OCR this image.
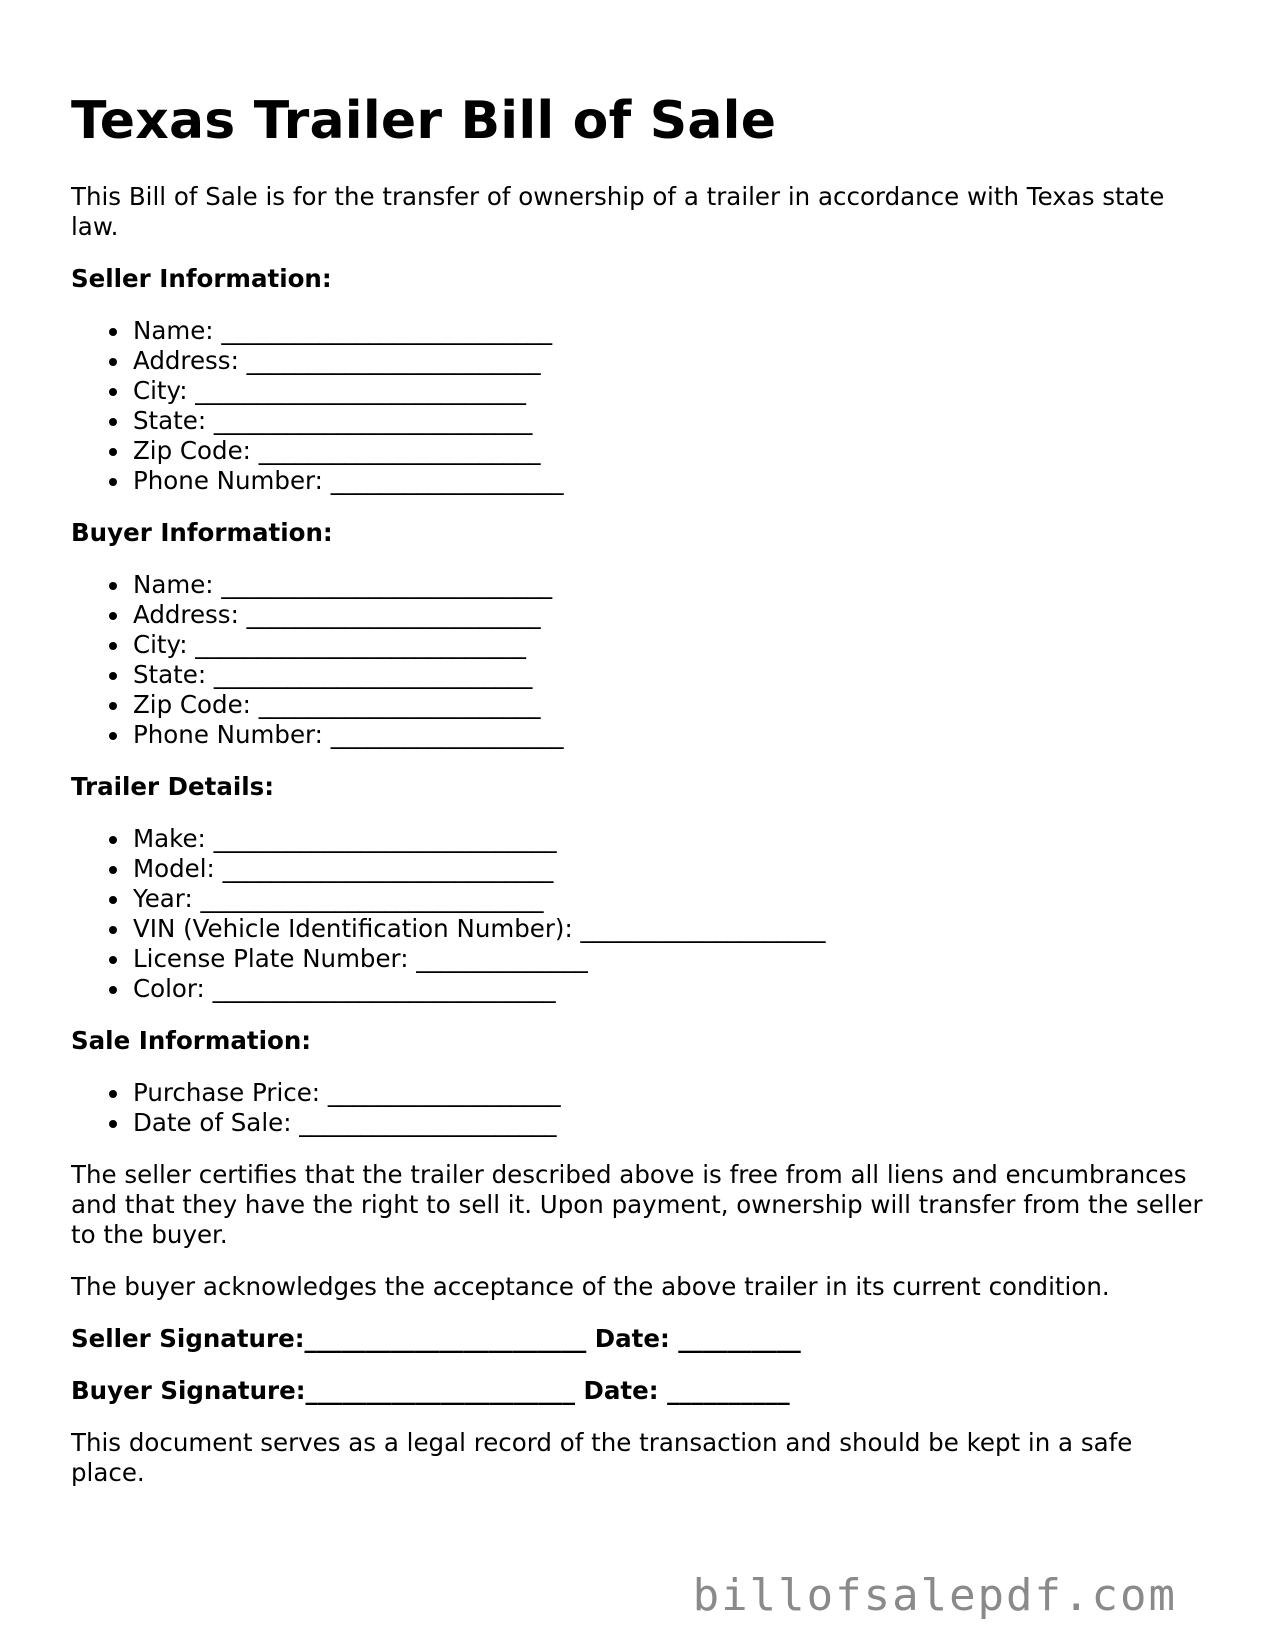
Texas Trailer Bill of Sale

This Bill of Sale is for the transfer of ownership of a trailer in accordance with Texas state law.

Seller Information:
Name: ___________________________
Address: ________________________
City: ___________________________
State: __________________________
Zip Code: _______________________
Phone Number: ___________________
Buyer Information:
Name: ___________________________
Address: ________________________
City: ___________________________
State: __________________________
Zip Code: _______________________
Phone Number: ___________________
Trailer Details:
Make: ____________________________
Model: ___________________________
Year: ____________________________
VIN (Vehicle Identification Number): ____________________
License Plate Number: ______________
Color: ____________________________
Sale Information:
Purchase Price: ___________________
Date of Sale: _____________________

The seller certifies that the trailer described above is free from all liens and encumbrances and that they have the right to sell it. Upon payment, ownership will transfer from the seller to the buyer.

The buyer acknowledges the acceptance of the above trailer in its current condition.

Seller Signature:_______________________ Date: __________
Buyer Signature:______________________ Date: __________

This document serves as a legal record of the transaction and should be kept in a safe place.

billofsalepdf.com
